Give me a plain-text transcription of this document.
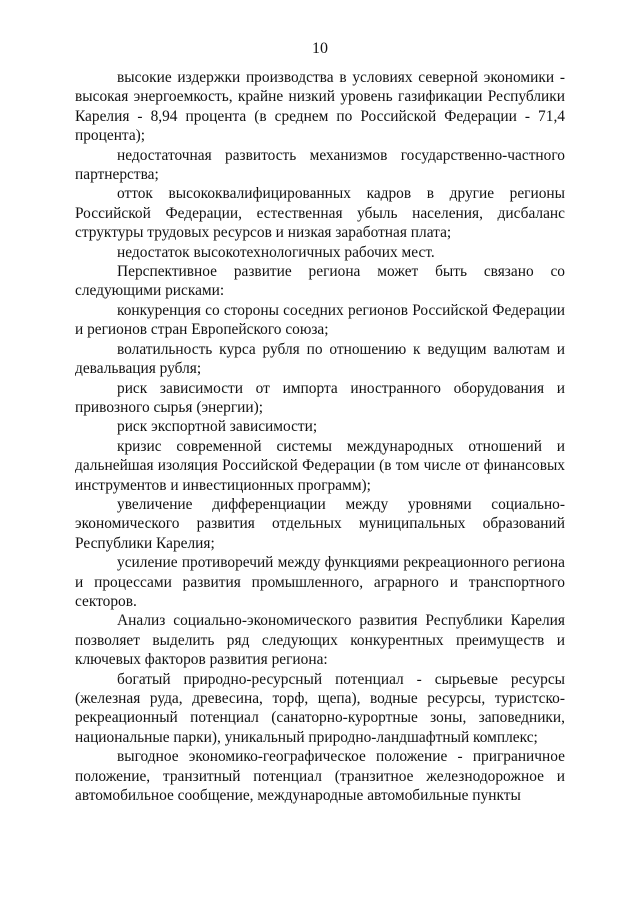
10

высокие издержки производства в условиях северной экономики - высокая энергоемкость, крайне низкий уровень газификации Республики Карелия - 8,94 процента (в среднем по Российской Федерации - 71,4 процента);

недостаточная развитость механизмов государственно-частного партнерства;

отток высококвалифицированных кадров в другие регионы Российской Федерации, естественная убыль населения, дисбаланс структуры трудовых ресурсов и низкая заработная плата;

недостаток высокотехнологичных рабочих мест.

Перспективное развитие региона может быть связано со следующими рисками:

конкуренция со стороны соседних регионов Российской Федерации и регионов стран Европейского союза;

волатильность курса рубля по отношению к ведущим валютам и девальвация рубля;

риск зависимости от импорта иностранного оборудования и привозного сырья (энергии);

риск экспортной зависимости;

кризис современной системы международных отношений и дальнейшая изоляция Российской Федерации (в том числе от финансовых инструментов и инвестиционных программ);

увеличение дифференциации между уровнями социально-экономического развития отдельных муниципальных образований Республики Карелия;

усиление противоречий между функциями рекреационного региона и процессами развития промышленного, аграрного и транспортного секторов.

Анализ социально-экономического развития Республики Карелия позволяет выделить ряд следующих конкурентных преимуществ и ключевых факторов развития региона:

богатый природно-ресурсный потенциал - сырьевые ресурсы (железная руда, древесина, торф, щепа), водные ресурсы, туристско-рекреационный потенциал (санаторно-курортные зоны, заповедники, национальные парки), уникальный природно-ландшафтный комплекс;

выгодное экономико-географическое положение - приграничное положение, транзитный потенциал (транзитное железнодорожное и автомобильное сообщение, международные автомобильные пункты
